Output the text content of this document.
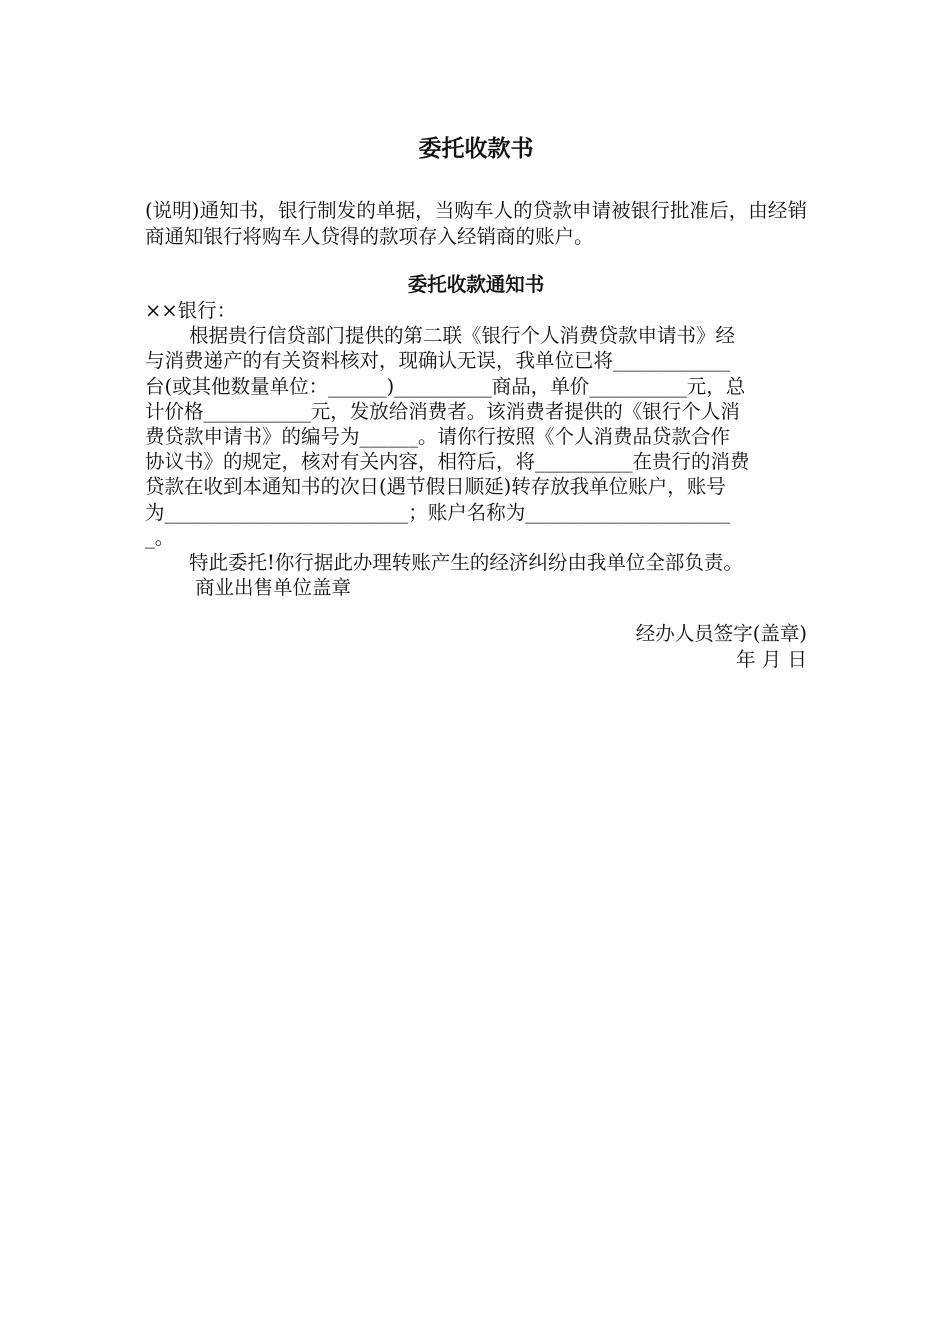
委托收款书
(说明)通知书，银行制发的单据，当购车人的贷款申请被银行批准后，由经销商通知银行将购车人贷得的款项存入经销商的账户。
委托收款通知书
××银行：
根据贵行信贷部门提供的第二联《银行个人消费贷款申请书》经
与消费递产的有关资料核对，现确认无误，我单位已将____________
台(或其他数量单位：______)__________商品，单价__________元，总
计价格___________元，发放给消费者。该消费者提供的《银行个人消
费贷款申请书》的编号为______。请你行按照《个人消费品贷款合作
协议书》的规定，核对有关内容，相符后，将__________在贵行的消费
贷款在收到本通知书的次日(遇节假日顺延)转存放我单位账户，账号
为_________________________；账户名称为_____________________
_。
特此委托!你行据此办理转账产生的经济纠纷由我单位全部负责。
商业出售单位盖章
经办人员签字(盖章)
年 月 日
